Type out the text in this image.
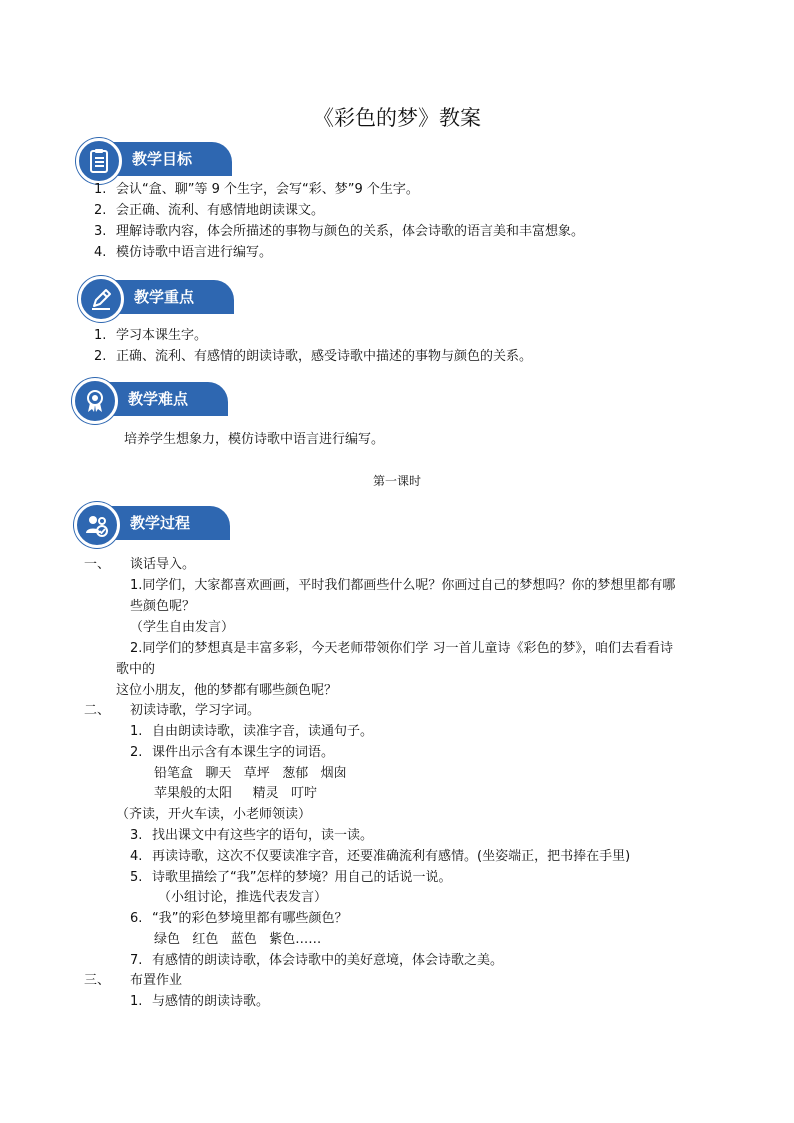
《彩色的梦》教案
教学目标
1. 会认“盒、聊”等 9 个生字，会写“彩、梦”9 个生字。
2. 会正确、流利、有感情地朗读课文。
3. 理解诗歌内容，体会所描述的事物与颜色的关系，体会诗歌的语言美和丰富想象。
4. 模仿诗歌中语言进行编写。
教学重点
1. 学习本课生字。
2. 正确、流利、有感情的朗读诗歌，感受诗歌中描述的事物与颜色的关系。
教学难点
培养学生想象力，模仿诗歌中语言进行编写。
第一课时
教学过程
一、 谈话导入。
1.同学们，大家都喜欢画画，平时我们都画些什么呢？你画过自己的梦想吗？你的梦想里都有哪
些颜色呢？
（学生自由发言）
2.同学们的梦想真是丰富多彩，今天老师带领你们学 习一首儿童诗《彩色的梦》，咱们去看看诗
歌中的
这位小朋友，他的梦都有哪些颜色呢？
二、 初读诗歌，学习字词。
1. 自由朗读诗歌，读准字音，读通句子。
2. 课件出示含有本课生字的词语。
铅笔盒   聊天   草坪   葱郁   烟囱
苹果般的太阳     精灵   叮咛
（齐读，开火车读，小老师领读）
3. 找出课文中有这些字的语句，读一读。
4. 再读诗歌，这次不仅要读准字音，还要准确流利有感情。(坐姿端正，把书捧在手里)
5. 诗歌里描绘了“我”怎样的梦境？用自己的话说一说。
（小组讨论，推选代表发言）
6. “我”的彩色梦境里都有哪些颜色？
绿色   红色   蓝色   紫色……
7. 有感情的朗读诗歌，体会诗歌中的美好意境，体会诗歌之美。
三、 布置作业
1. 与感情的朗读诗歌。
